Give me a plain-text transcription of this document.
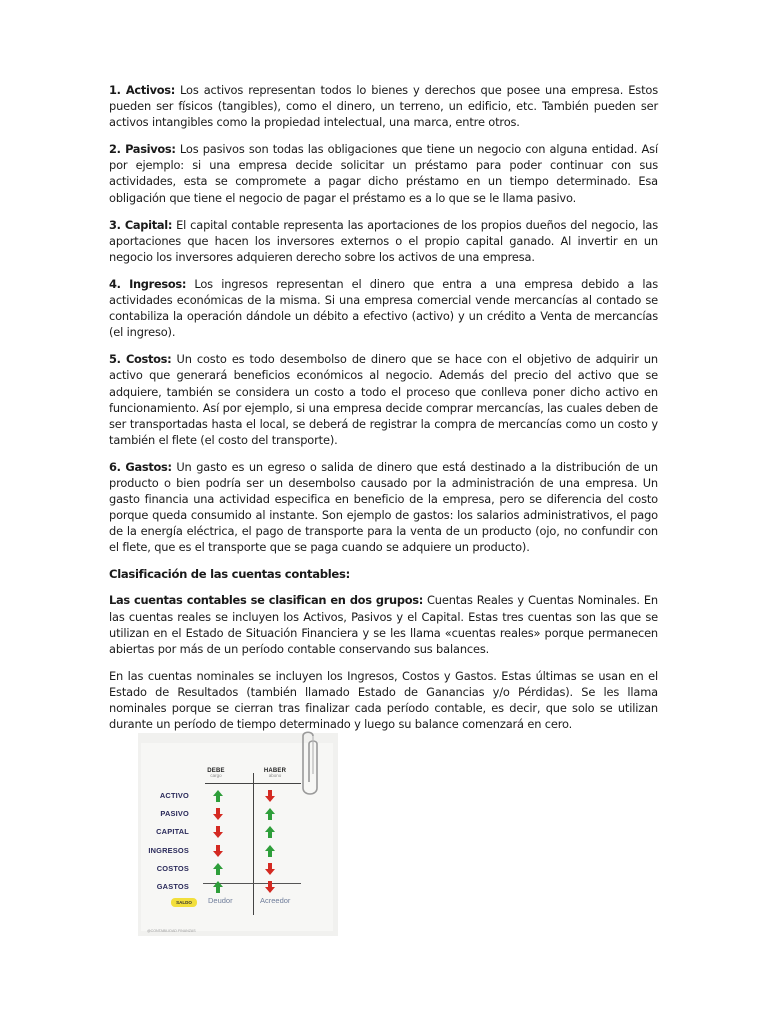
1. Activos: Los activos representan todos lo bienes y derechos que posee una empresa. Estos pueden ser físicos (tangibles), como el dinero, un terreno, un edificio, etc. También pueden ser activos intangibles como la propiedad intelectual, una marca, entre otros.

2. Pasivos: Los pasivos son todas las obligaciones que tiene un negocio con alguna entidad. Así por ejemplo: si una empresa decide solicitar un préstamo para poder continuar con sus actividades, esta se compromete a pagar dicho préstamo en un tiempo determinado. Esa obligación que tiene el negocio de pagar el préstamo es a lo que se le llama pasivo.

3. Capital: El capital contable representa las aportaciones de los propios dueños del negocio, las aportaciones que hacen los inversores externos o el propio capital ganado. Al invertir en un negocio los inversores adquieren derecho sobre los activos de una empresa.

4. Ingresos: Los ingresos representan el dinero que entra a una empresa debido a las actividades económicas de la misma. Si una empresa comercial vende mercancías al contado se contabiliza la operación dándole un débito a efectivo (activo) y un crédito a Venta de mercancías (el ingreso).

5. Costos: Un costo es todo desembolso de dinero que se hace con el objetivo de adquirir un activo que generará beneficios económicos al negocio. Además del precio del activo que se adquiere, también se considera un costo a todo el proceso que conlleva poner dicho activo en funcionamiento. Así por ejemplo, si una empresa decide comprar mercancías, las cuales deben de ser transportadas hasta el local, se deberá de registrar la compra de mercancías como un costo y también el flete (el costo del transporte).

6. Gastos: Un gasto es un egreso o salida de dinero que está destinado a la distribución de un producto o bien podría ser un desembolso causado por la administración de una empresa. Un gasto financia una actividad especifica en beneficio de la empresa, pero se diferencia del costo porque queda consumido al instante. Son ejemplo de gastos: los salarios administrativos, el pago de la energía eléctrica, el pago de transporte para la venta de un producto (ojo, no confundir con el flete, que es el transporte que se paga cuando se adquiere un producto).

Clasificación de las cuentas contables:

Las cuentas contables se clasifican en dos grupos: Cuentas Reales y Cuentas Nominales. En las cuentas reales se incluyen los Activos, Pasivos y el Capital. Estas tres cuentas son las que se utilizan en el Estado de Situación Financiera y se les llama «cuentas reales» porque permanecen abiertas por más de un período contable conservando sus balances.

En las cuentas nominales se incluyen los Ingresos, Costos y Gastos. Estas últimas se usan en el Estado de Resultados (también llamado Estado de Ganancias y/o Pérdidas). Se les llama nominales porque se cierran tras finalizar cada período contable, es decir, que solo se utilizan durante un período de tiempo determinado y luego su balance comenzará en cero.

DEBE
cargo
HABER
abono
ACTIVO
PASIVO
CAPITAL
INGRESOS
COSTOS
GASTOS
SALDO	Deudor	Acreedor
@CONTABILIDAD.FINANZAS
